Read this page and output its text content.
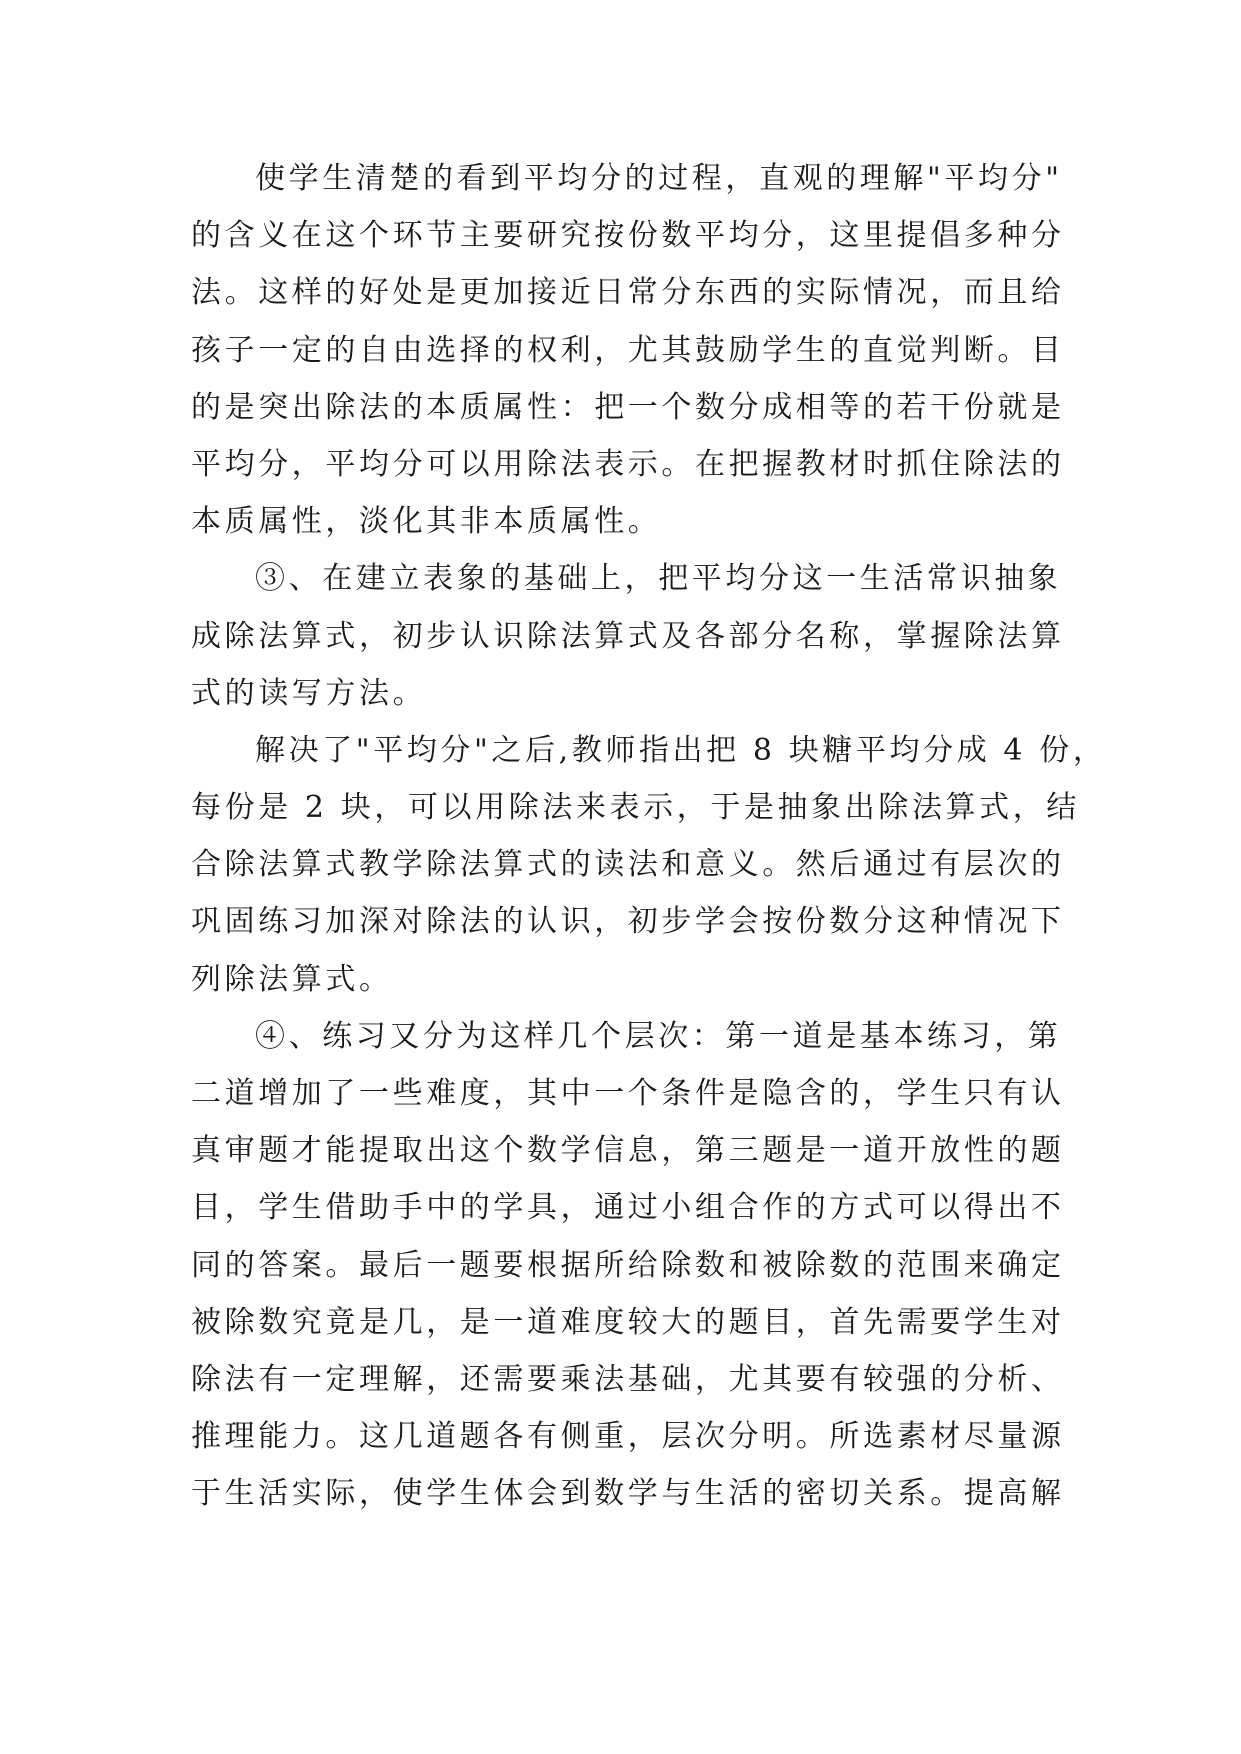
使学生清楚的看到平均分的过程，直观的理解"平均分"
的含义在这个环节主要研究按份数平均分，这里提倡多种分
法。这样的好处是更加接近日常分东西的实际情况，而且给
孩子一定的自由选择的权利，尤其鼓励学生的直觉判断。目
的是突出除法的本质属性：把一个数分成相等的若干份就是
平均分，平均分可以用除法表示。在把握教材时抓住除法的
本质属性，淡化其非本质属性。
③、在建立表象的基础上，把平均分这一生活常识抽象
成除法算式，初步认识除法算式及各部分名称，掌握除法算
式的读写方法。
解决了"平均分"之后,教师指出把 8 块糖平均分成 4 份，
每份是 2 块，可以用除法来表示，于是抽象出除法算式，结
合除法算式教学除法算式的读法和意义。然后通过有层次的
巩固练习加深对除法的认识，初步学会按份数分这种情况下
列除法算式。
④、练习又分为这样几个层次：第一道是基本练习，第
二道增加了一些难度，其中一个条件是隐含的，学生只有认
真审题才能提取出这个数学信息，第三题是一道开放性的题
目，学生借助手中的学具，通过小组合作的方式可以得出不
同的答案。最后一题要根据所给除数和被除数的范围来确定
被除数究竟是几，是一道难度较大的题目，首先需要学生对
除法有一定理解，还需要乘法基础，尤其要有较强的分析、
推理能力。这几道题各有侧重，层次分明。所选素材尽量源
于生活实际，使学生体会到数学与生活的密切关系。提高解
